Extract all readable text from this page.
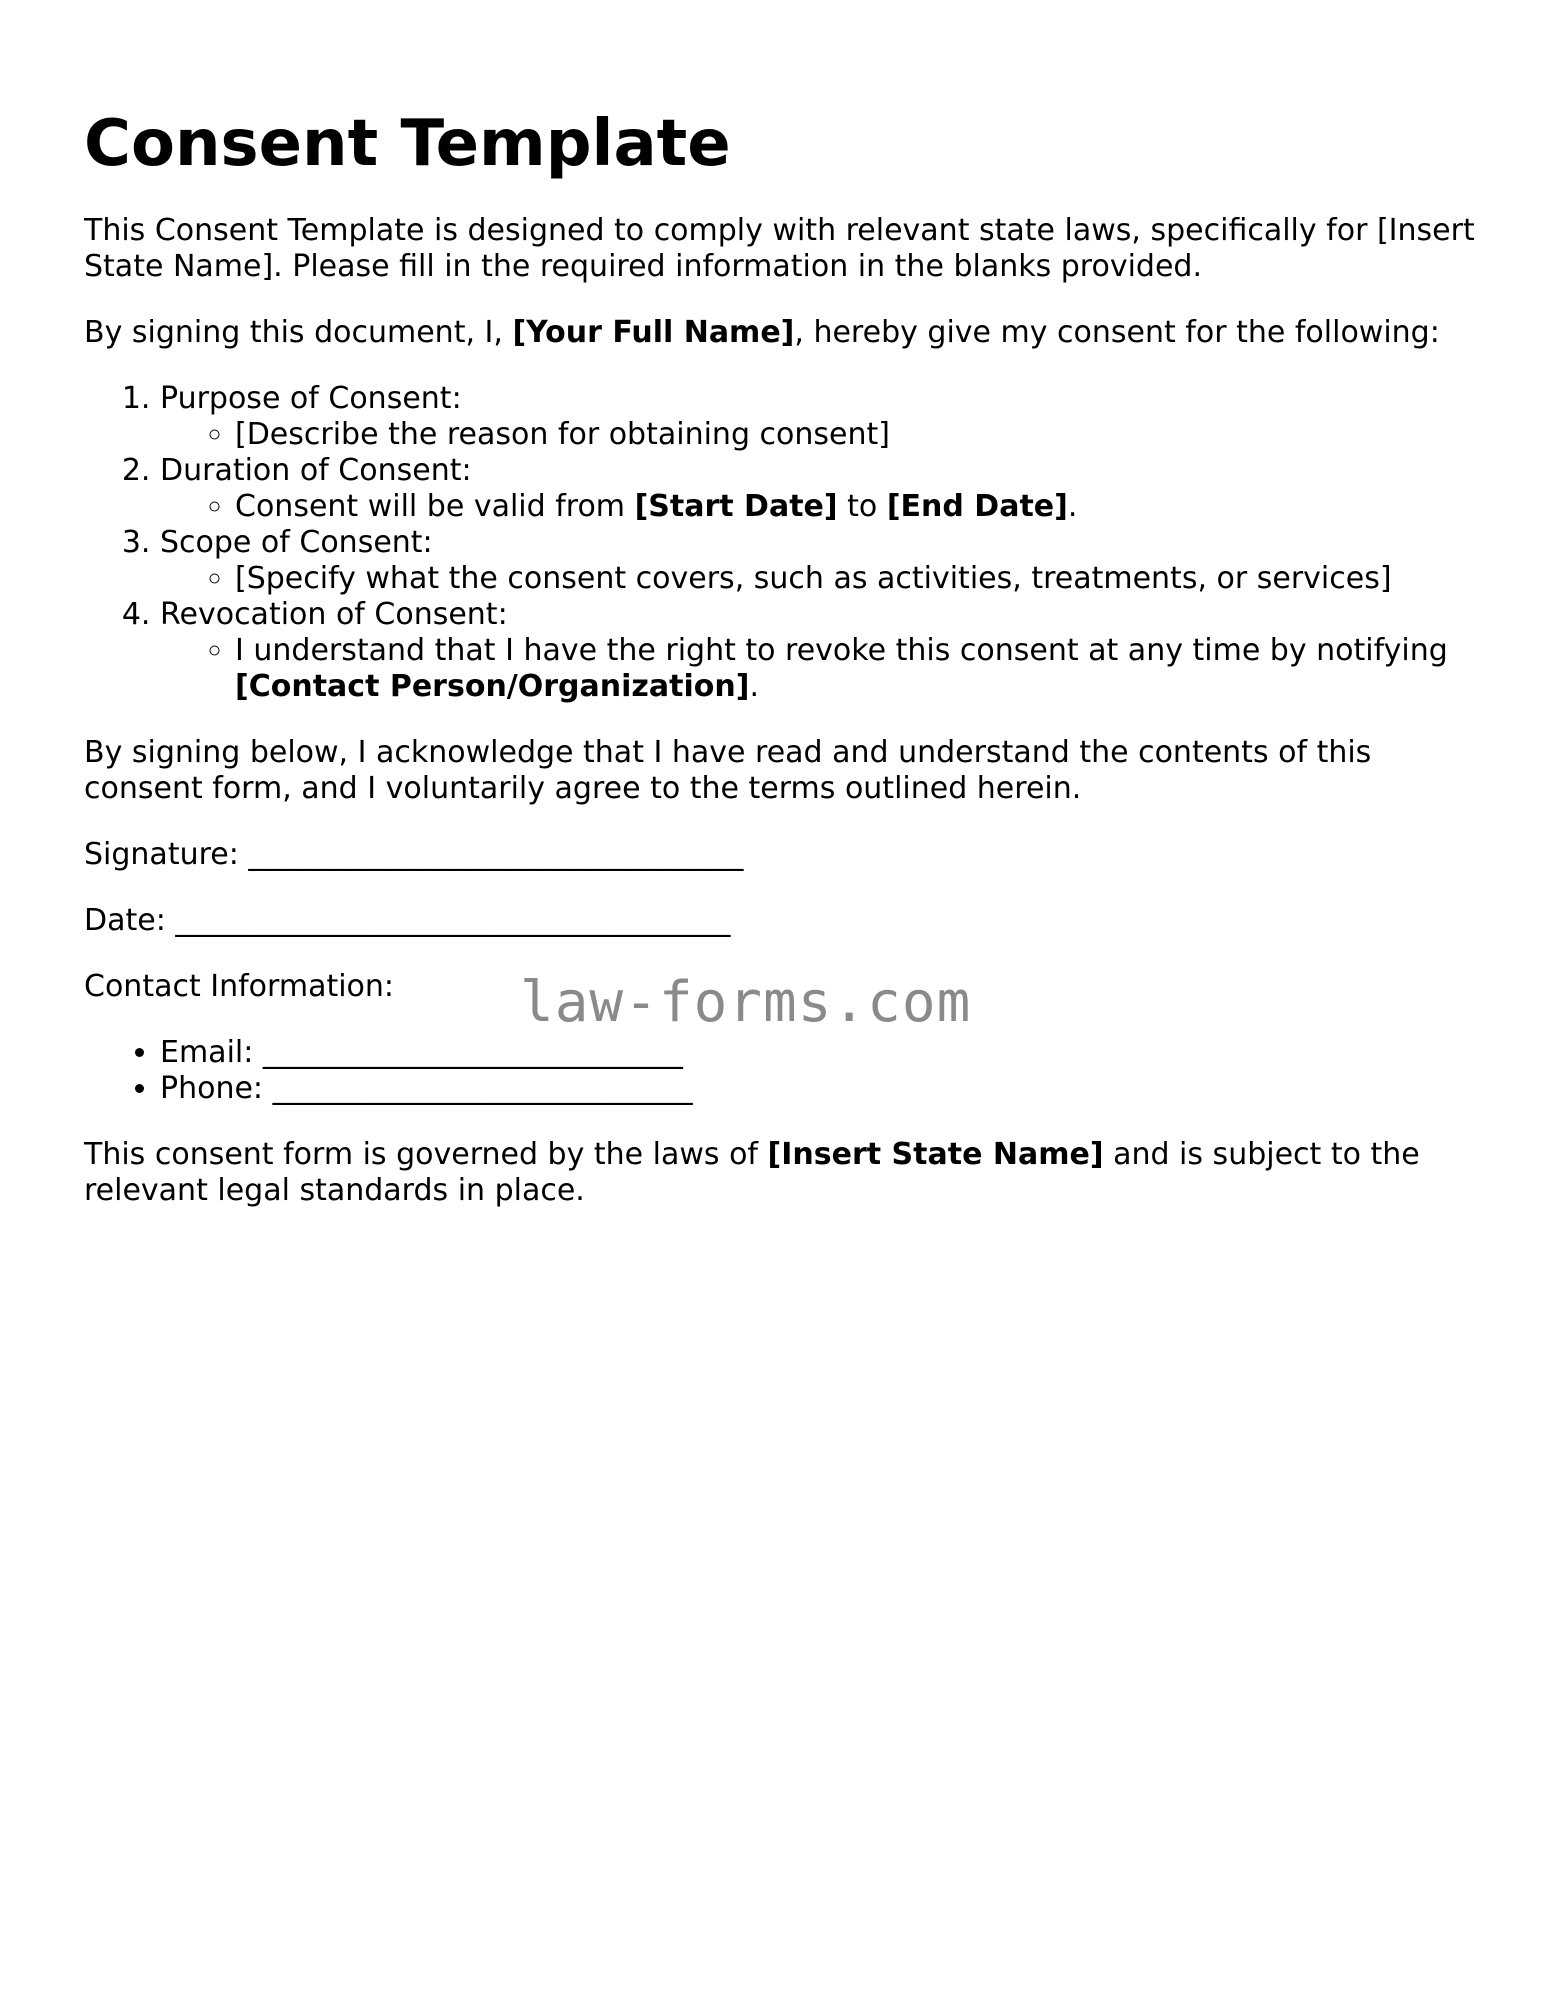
Consent Template

This Consent Template is designed to comply with relevant state laws, specifically for [Insert State Name]. Please fill in the required information in the blanks provided.

By signing this document, I, [Your Full Name], hereby give my consent for the following:

1. Purpose of Consent:
◦ [Describe the reason for obtaining consent]
2. Duration of Consent:
◦ Consent will be valid from [Start Date] to [End Date].
3. Scope of Consent:
◦ [Specify what the consent covers, such as activities, treatments, or services]
4. Revocation of Consent:
◦ I understand that I have the right to revoke this consent at any time by notifying [Contact Person/Organization].

By signing below, I acknowledge that I have read and understand the contents of this consent form, and I voluntarily agree to the terms outlined herein.

Signature: _________________________________

Date: _____________________________________

Contact Information:

• Email: ____________________________
• Phone: ____________________________

This consent form is governed by the laws of [Insert State Name] and is subject to the relevant legal standards in place.

law-forms.com
